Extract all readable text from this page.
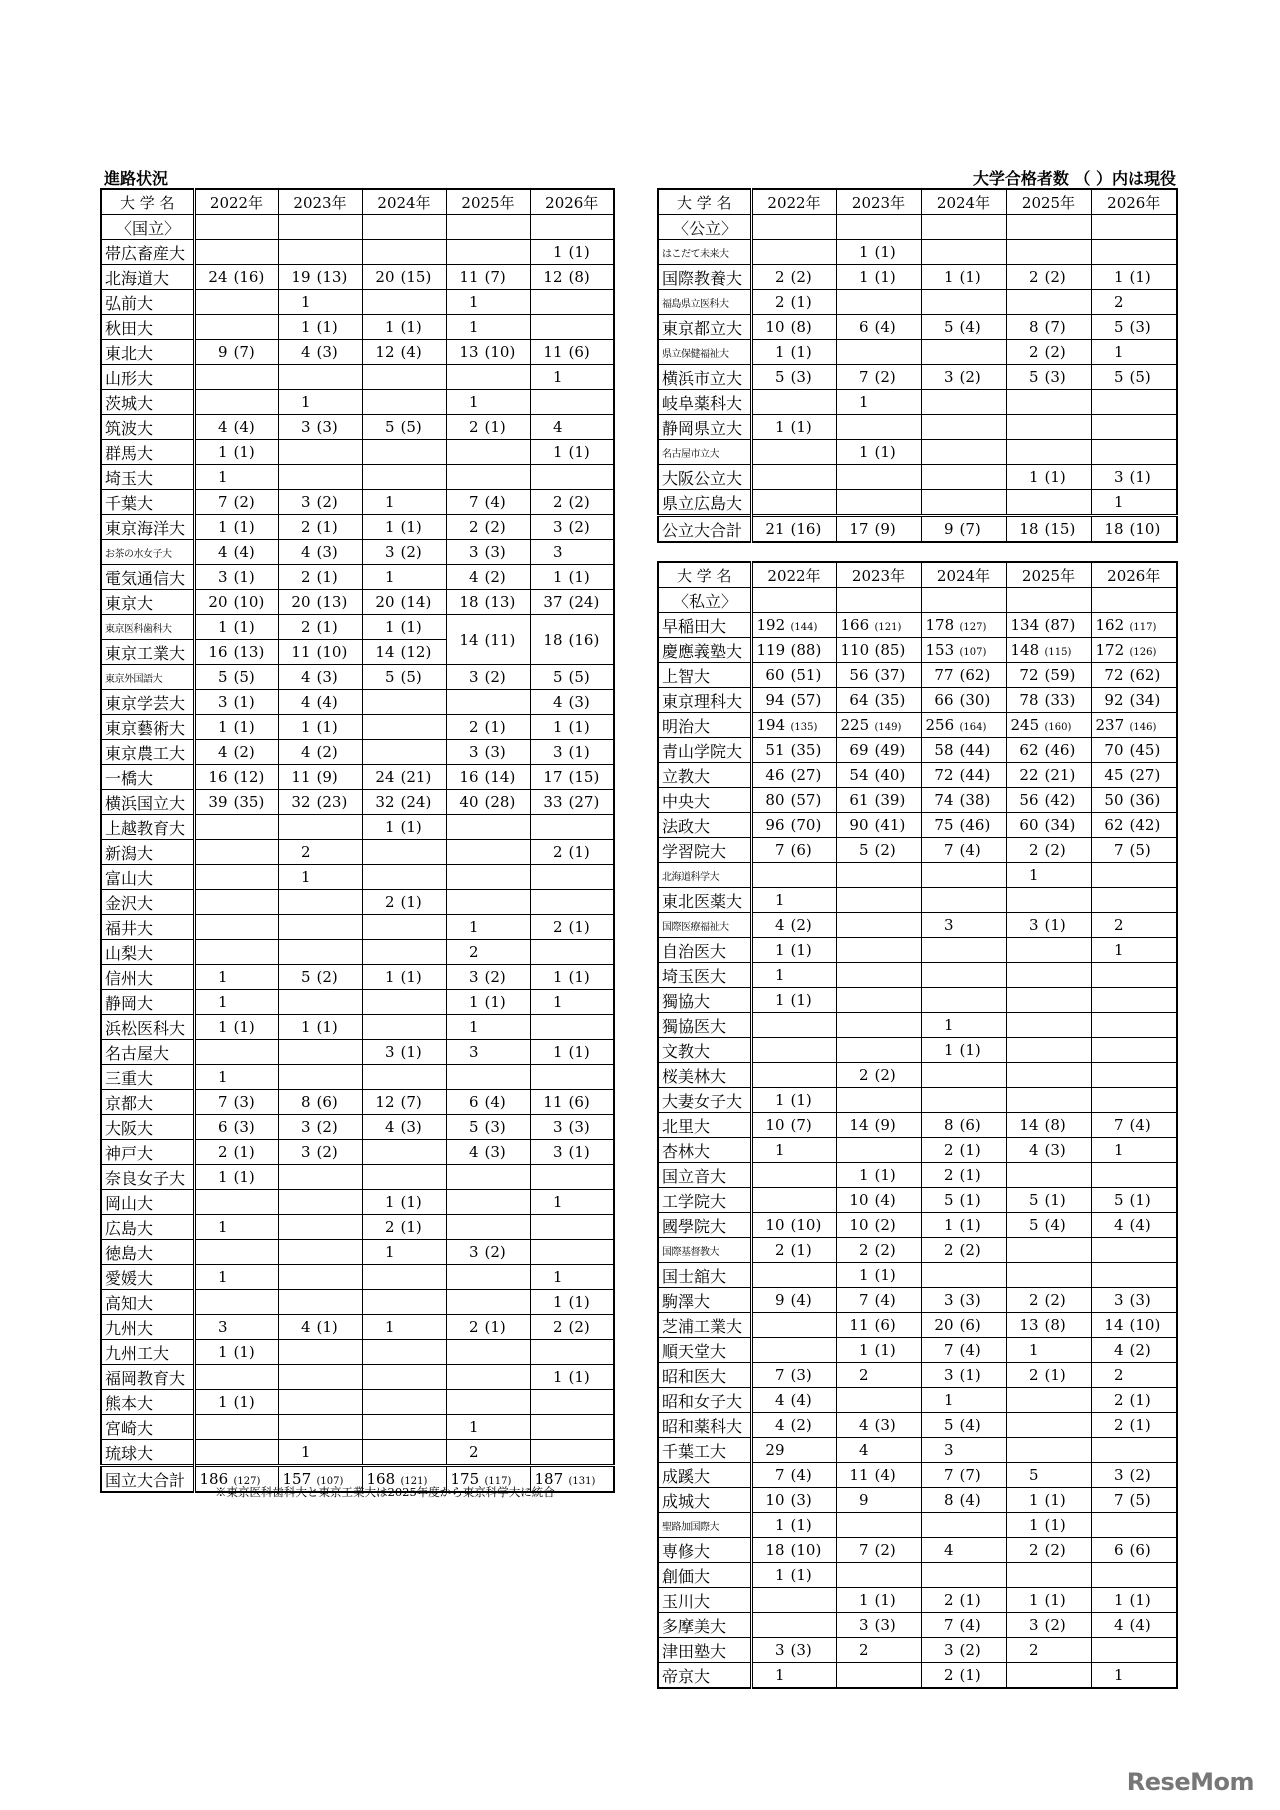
進路状況	大学合格者数 （ ）内は現役
大 学 名	2022年	2023年	2024年	2025年	2026年
〈国立〉					
帯広畜産大					1 (1)
北海道大	24 (16)	19 (13)	20 (15)	11 (7)	12 (8)
弘前大		1		1	
秋田大		1 (1)	1 (1)	1	
東北大	9 (7)	4 (3)	12 (4)	13 (10)	11 (6)
山形大					1
茨城大		1		1	
筑波大	4 (4)	3 (3)	5 (5)	2 (1)	4
群馬大	1 (1)				1 (1)
埼玉大	1				
千葉大	7 (2)	3 (2)	1	7 (4)	2 (2)
東京海洋大	1 (1)	2 (1)	1 (1)	2 (2)	3 (2)
お茶の水女子大	4 (4)	4 (3)	3 (2)	3 (3)	3
電気通信大	3 (1)	2 (1)	1	4 (2)	1 (1)
東京大	20 (10)	20 (13)	20 (14)	18 (13)	37 (24)
東京医科歯科大	1 (1)	2 (1)	1 (1)	14 (11)	18 (16)
東京工業大	16 (13)	11 (10)	14 (12)		
東京外国語大	5 (5)	4 (3)	5 (5)	3 (2)	5 (5)
東京学芸大	3 (1)	4 (4)			4 (3)
東京藝術大	1 (1)	1 (1)		2 (1)	1 (1)
東京農工大	4 (2)	4 (2)		3 (3)	3 (1)
一橋大	16 (12)	11 (9)	24 (21)	16 (14)	17 (15)
横浜国立大	39 (35)	32 (23)	32 (24)	40 (28)	33 (27)
上越教育大			1 (1)		
新潟大		2			2 (1)
富山大		1			
金沢大			2 (1)		
福井大				1	2 (1)
山梨大				2	
信州大	1	5 (2)	1 (1)	3 (2)	1 (1)
静岡大	1			1 (1)	1
浜松医科大	1 (1)	1 (1)		1	
名古屋大			3 (1)	3	1 (1)
三重大	1				
京都大	7 (3)	8 (6)	12 (7)	6 (4)	11 (6)
大阪大	6 (3)	3 (2)	4 (3)	5 (3)	3 (3)
神戸大	2 (1)	3 (2)		4 (3)	3 (1)
奈良女子大	1 (1)				
岡山大			1 (1)		1
広島大	1		2 (1)		
徳島大			1	3 (2)	
愛媛大	1				1
高知大					1 (1)
九州大	3	4 (1)	1	2 (1)	2 (2)
九州工大	1 (1)				
福岡教育大					1 (1)
熊本大	1 (1)				
宮崎大				1	
琉球大		1		2	
国立大合計	186 (127)	157 (107)	168 (121)	175 (117)	187 (131)
大 学 名	2022年	2023年	2024年	2025年	2026年
〈公立〉					
はこだて未来大		1 (1)			
国際教養大	2 (2)	1 (1)	1 (1)	2 (2)	1 (1)
福島県立医科大	2 (1)				2
東京都立大	10 (8)	6 (4)	5 (4)	8 (7)	5 (3)
県立保健福祉大	1 (1)			2 (2)	1
横浜市立大	5 (3)	7 (2)	3 (2)	5 (3)	5 (5)
岐阜薬科大		1			
静岡県立大	1 (1)				
名古屋市立大		1 (1)			
大阪公立大				1 (1)	3 (1)
県立広島大					1
公立大合計	21 (16)	17 (9)	9 (7)	18 (15)	18 (10)
大 学 名	2022年	2023年	2024年	2025年	2026年
〈私立〉					
早稲田大	192 (144)	166 (121)	178 (127)	134 (87)	162 (117)
慶應義塾大	119 (88)	110 (85)	153 (107)	148 (115)	172 (126)
上智大	60 (51)	56 (37)	77 (62)	72 (59)	72 (62)
東京理科大	94 (57)	64 (35)	66 (30)	78 (33)	92 (34)
明治大	194 (135)	225 (149)	256 (164)	245 (160)	237 (146)
青山学院大	51 (35)	69 (49)	58 (44)	62 (46)	70 (45)
立教大	46 (27)	54 (40)	72 (44)	22 (21)	45 (27)
中央大	80 (57)	61 (39)	74 (38)	56 (42)	50 (36)
法政大	96 (70)	90 (41)	75 (46)	60 (34)	62 (42)
学習院大	7 (6)	5 (2)	7 (4)	2 (2)	7 (5)
北海道科学大				1	
東北医薬大	1				
国際医療福祉大	4 (2)		3	3 (1)	2
自治医大	1 (1)				1
埼玉医大	1				
獨協大	1 (1)				
獨協医大			1		
文教大			1 (1)		
桜美林大		2 (2)			
大妻女子大	1 (1)				
北里大	10 (7)	14 (9)	8 (6)	14 (8)	7 (4)
杏林大	1		2 (1)	4 (3)	1
国立音大		1 (1)	2 (1)		
工学院大		10 (4)	5 (1)	5 (1)	5 (1)
國學院大	10 (10)	10 (2)	1 (1)	5 (4)	4 (4)
国際基督教大	2 (1)	2 (2)	2 (2)		
国士舘大		1 (1)			
駒澤大	9 (4)	7 (4)	3 (3)	2 (2)	3 (3)
芝浦工業大		11 (6)	20 (6)	13 (8)	14 (10)
順天堂大		1 (1)	7 (4)	1	4 (2)
昭和医大	7 (3)	2	3 (1)	2 (1)	2
昭和女子大	4 (4)		1		2 (1)
昭和薬科大	4 (2)	4 (3)	5 (4)		2 (1)
千葉工大	29	4	3		
成蹊大	7 (4)	11 (4)	7 (7)	5	3 (2)
成城大	10 (3)	9	8 (4)	1 (1)	7 (5)
聖路加国際大	1 (1)			1 (1)	
専修大	18 (10)	7 (2)	4	2 (2)	6 (6)
創価大	1 (1)				
玉川大		1 (1)	2 (1)	1 (1)	1 (1)
多摩美大		3 (3)	7 (4)	3 (2)	4 (4)
津田塾大	3 (3)	2	3 (2)	2	
帝京大	1		2 (1)		1
※東京医科歯科大と東京工業大は2025年度から東京科学大に統合
ReseMom
